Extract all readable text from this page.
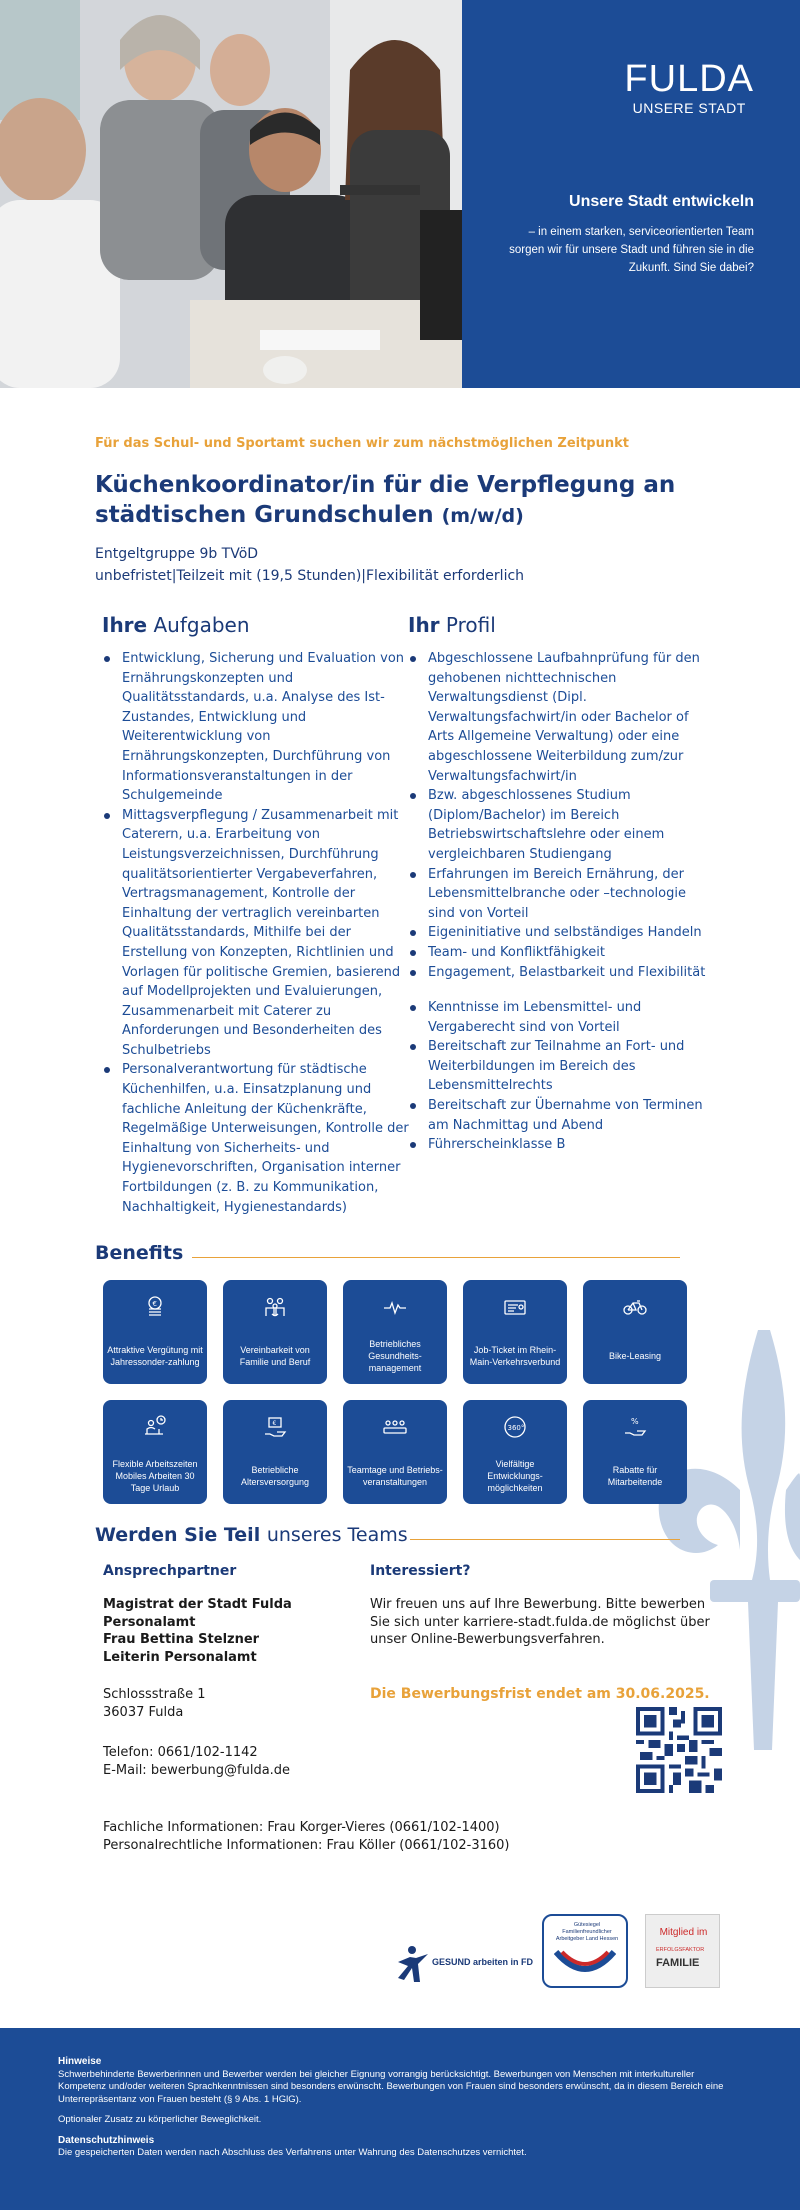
FULDA
UNSERE STADT
Unsere Stadt entwickeln
– in einem starken, serviceorientierten Team sorgen wir für unsere Stadt und führen sie in die Zukunft. Sind Sie dabei?
Für das Schul- und Sportamt suchen wir zum nächstmöglichen Zeitpunkt
Küchenkoordinator/in für die Verpflegung an städtischen Grundschulen (m/w/d)
Entgeltgruppe 9b TVöD
unbefristet|Teilzeit mit (19,5 Stunden)|Flexibilität erforderlich
Ihre Aufgaben
Entwicklung, Sicherung und Evaluation von Ernährungskonzepten und Qualitätsstandards, u.a. Analyse des Ist-Zustandes, Entwicklung und Weiterentwicklung von Ernährungskonzepten, Durchführung von Informationsveranstaltungen in der Schulgemeinde
Mittagsverpflegung / Zusammenarbeit mit Caterern, u.a. Erarbeitung von Leistungsverzeichnissen, Durchführung qualitätsorientierter Vergabeverfahren, Vertragsmanagement, Kontrolle der Einhaltung der vertraglich vereinbarten Qualitätsstandards, Mithilfe bei der Erstellung von Konzepten, Richtlinien und Vorlagen für politische Gremien, basierend auf Modellprojekten und Evaluierungen, Zusammenarbeit mit Caterer zu Anforderungen und Besonderheiten des Schulbetriebs
Personalverantwortung für städtische Küchenhilfen, u.a. Einsatzplanung und fachliche Anleitung der Küchenkräfte, Regelmäßige Unterweisungen, Kontrolle der Einhaltung von Sicherheits- und Hygienevorschriften, Organisation interner Fortbildungen (z. B. zu Kommunikation, Nachhaltigkeit, Hygienestandards)
Ihr Profil
Abgeschlossene Laufbahnprüfung für den gehobenen nichttechnischen Verwaltungsdienst (Dipl. Verwaltungsfachwirt/in oder Bachelor of Arts Allgemeine Verwaltung) oder eine abgeschlossene Weiterbildung zum/zur Verwaltungsfachwirt/in
Bzw. abgeschlossenes Studium (Diplom/Bachelor) im Bereich Betriebswirtschaftslehre oder einem vergleichbaren Studiengang
Erfahrungen im Bereich Ernährung, der Lebensmittelbranche oder –technologie sind von Vorteil
Eigeninitiative und selbständiges Handeln
Team- und Konfliktfähigkeit
Engagement, Belastbarkeit und Flexibilität
Kenntnisse im Lebensmittel- und Vergaberecht sind von Vorteil
Bereitschaft zur Teilnahme an Fort- und Weiterbildungen im Bereich des Lebensmittelrechts
Bereitschaft zur Übernahme von Terminen am Nachmittag und Abend
Führerscheinklasse B
Benefits
€
Attraktive Vergütung mit Jahressonder-zahlung
Vereinbarkeit von Familie und Beruf
Betriebliches Gesundheits-management
Job-Ticket im Rhein-Main-Verkehrsverbund
Bike-Leasing
Flexible Arbeitszeiten Mobiles Arbeiten 30 Tage Urlaub
€
Betriebliche Altersversorgung
Teamtage und Betriebs-veranstaltungen
360°
Vielfältige Entwicklungs-möglichkeiten
%
Rabatte für Mitarbeitende
Werden Sie Teil unseres Teams
Ansprechpartner
Magistrat der Stadt Fulda
Personalamt
Frau Bettina Stelzner
Leiterin Personalamt
Schlossstraße 1
36037 Fulda
Telefon: 0661/102-1142
E-Mail: bewerbung@fulda.de
Fachliche Informationen: Frau Korger-Vieres (0661/102-1400)
Personalrechtliche Informationen: Frau Köller (0661/102-3160)
Interessiert?
Wir freuen uns auf Ihre Bewerbung. Bitte bewerben Sie sich unter karriere-stadt.fulda.de möglichst über unser Online-Bewerbungsverfahren.
Die Bewerbungsfrist endet am 30.06.2025.
GESUND arbeiten in FD
Gütesiegel Familienfreundlicher Arbeitgeber Land Hessen
Mitglied im
ERFOLGSFAKTOR
FAMILIE
Hinweise

Schwerbehinderte Bewerberinnen und Bewerber werden bei gleicher Eignung vorrangig berücksichtigt. Bewerbungen von Menschen mit interkultureller Kompetenz und/oder weiteren Sprachkenntnissen sind besonders erwünscht. Bewerbungen von Frauen sind besonders erwünscht, da in diesem Bereich eine Unterrepräsentanz von Frauen besteht (§ 9 Abs. 1 HGlG).

Optionaler Zusatz zu körperlicher Beweglichkeit.

Datenschutzhinweis

Die gespeicherten Daten werden nach Abschluss des Verfahrens unter Wahrung des Datenschutzes vernichtet.
